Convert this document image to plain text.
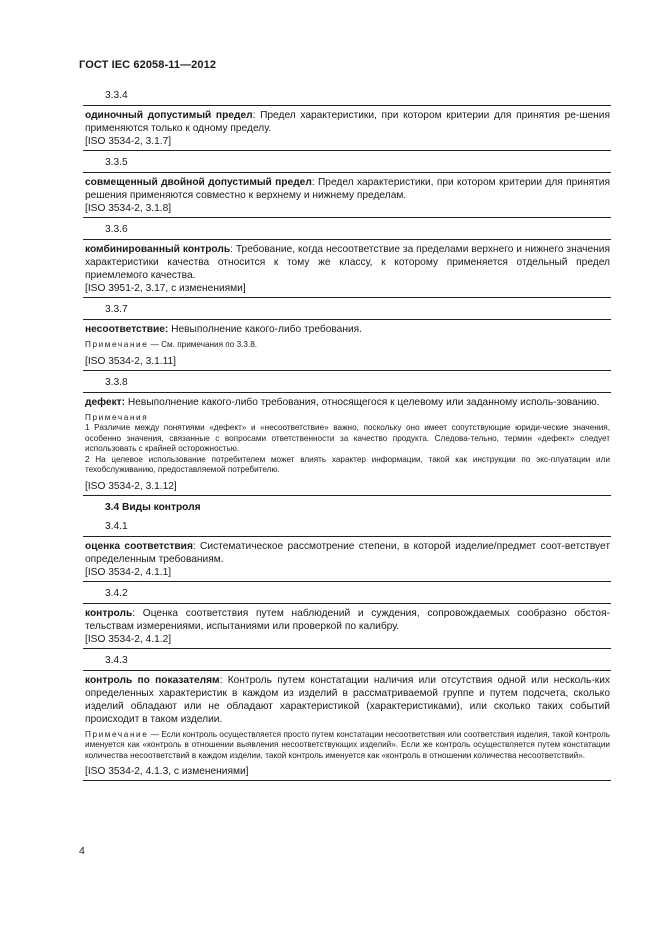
ГОСТ IEC 62058-11—2012
3.3.4

одиночный допустимый предел: Предел характеристики, при котором критерии для принятия ре-шения применяются только к одному пределу.

[ISO 3534-2, 3.1.7]
3.3.5

совмещенный двойной допустимый предел: Предел характеристики, при котором критерии для принятия решения применяются совместно к верхнему и нижнему пределам.

[ISO 3534-2, 3.1.8]
3.3.6

комбинированный контроль: Требование, когда несоответствие за пределами верхнего и нижнего значения характеристики качества относится к тому же классу, к которому применяется отдельный предел приемлемого качества.

[ISO 3951-2, 3.17, с изменениями]
3.3.7

несоответствие: Невыполнение какого-либо требования.

Примечание — См. примечания по 3.3.8.

[ISO 3534-2, 3.1.11]
3.3.8

дефект: Невыполнение какого-либо требования, относящегося к целевому или заданному исполь-зованию.

Примечания

1 Различие между понятиями «дефект» и «несоответствие» важно, поскольку оно имеет сопутствующие юриди-ческие значения, особенно значения, связанные с вопросами ответственности за качество продукта. Следова-тельно, термин «дефект» следует использовать с крайней осторожностью.

2 На целевое использование потребителем может влиять характер информации, такой как инструкции по экс-плуатации или техобслуживанию, предоставляемой потребителю.

[ISO 3534-2, 3.1.12]
3.4 Виды контроля
3.4.1

оценка соответствия: Систематическое рассмотрение степени, в которой изделие/предмет соот-ветствует определенным требованиям.

[ISO 3534-2, 4.1.1]
3.4.2

контроль: Оценка соответствия путем наблюдений и суждения, сопровождаемых сообразно обстоя-тельствам измерениями, испытаниями или проверкой по калибру.

[ISO 3534-2, 4.1.2]
3.4.3

контроль по показателям: Контроль путем констатации наличия или отсутствия одной или несколь-ких определенных характеристик в каждом из изделий в рассматриваемой группе и путем подсчета, сколько изделий обладают или не обладают характеристикой (характеристиками), или сколько таких событий происходит в таком изделии.

Примечание — Если контроль осуществляется просто путем констатации несоответствия или соответствия изделия, такой контроль именуется как «контроль в отношении выявления несоответствующих изделий». Если же контроль осуществляется путем констатации количества несоответствий в каждом изделии, такой контроль именуется как «контроль в отношении количества несоответствий».

[ISO 3534-2, 4.1.3, с изменениями]
4
